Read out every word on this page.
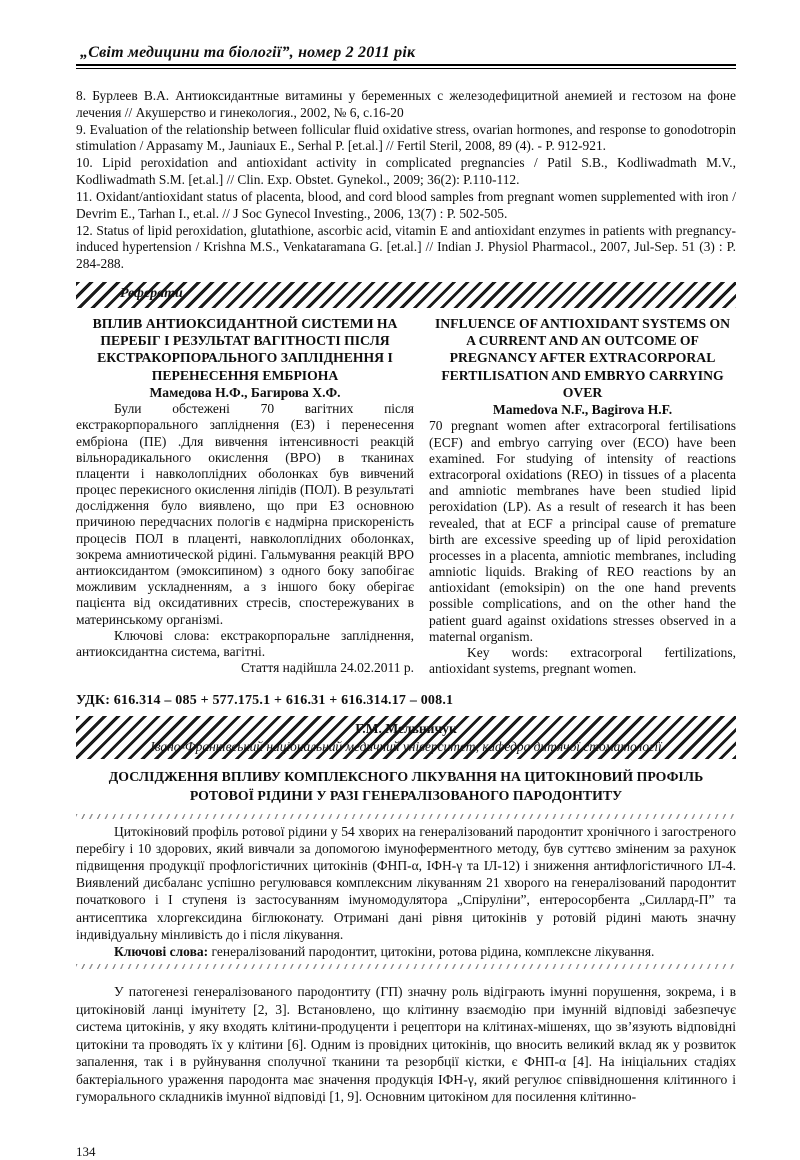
„Світ медицини та біології”, номер 2 2011 рік

8. Бурлеев В.А. Антиоксидантные витамины у беременных с железодефицитной анемией и гестозом на фоне лечения // Акушерство и гинекология., 2002, № 6, с.16-20

9. Evaluation of the relationship between follicular fluid oxidative stress, ovarian hormones, and response to gonodotropin stimulation / Appasamy M., Jauniaux E., Serhal P. [et.al.] // Fertil Steril, 2008, 89 (4). - P. 912-921.

10. Lipid peroxidation and antioxidant activity in complicated pregnancies / Patil S.B., Kodliwadmath M.V., Kodliwadmath S.M. [et.al.] // Clin. Exp. Obstet. Gynekol., 2009; 36(2): P.110-112.

11. Oxidant/antioxidant status of placenta, blood, and cord blood samples from pregnant women supplemented with iron / Devrim E., Tarhan I., et.al. // J Soc Gynecol Investing., 2006, 13(7) : P. 502-505.

12. Status of lipid peroxidation, glutathione, ascorbic acid, vitamin E and antioxidant enzymes in patients with pregnancy-induced hypertension / Krishna M.S., Venkataramana G. [et.al.] // Indian J. Physiol Pharmacol., 2007, Jul-Sep. 51 (3) : P. 284-288.

Реферати
ВПЛИВ АНТИОКСИДАНТНОЙ СИСТЕМИ НА ПЕРЕБІГ І РЕЗУЛЬТАТ ВАГІТНОСТІ ПІСЛЯ ЕКСТРАКОРПОРАЛЬНОГО ЗАПЛІДНЕННЯ І ПЕРЕНЕСЕННЯ ЕМБРІОНА
Мамедова Н.Ф., Багирова Х.Ф.

Були обстежені 70 вагітних після екстракорпорального запліднення (ЕЗ) і перенесення ембріона (ПЕ) .Для вивчення інтенсивності реакцій вільнорадикального окислення (ВРО) в тканинах плаценти і навколоплідних оболонках був вивчений процес перекисного окислення ліпідів (ПОЛ). В результаті дослідження було виявлено, що при ЕЗ основною причиною передчасних пологів є надмірна прискореність процесів ПОЛ в плаценті, навколоплідних оболонках, зокрема амниотической рідині. Гальмування реакцій ВРО антиоксидантом (эмоксипином) з одного боку запобігає можливим ускладненням, а з іншого боку оберігає пацієнта від оксидативних стресів, спостережуваних в материнському організмі.

Ключові слова: екстракорпоральне запліднення, антиоксидантна система, вагітні.

Стаття надійшла 24.02.2011 р.

INFLUENCE OF ANTIOXIDANT SYSTEMS ON A CURRENT AND AN OUTCOME OF PREGNANCY AFTER EXTRACORPORAL FERTILISATION AND EMBRYO CARRYING OVER
Mamedova N.F., Bagirova H.F.

70 pregnant women after extracorporal fertilisations (ECF) and embryo carrying over (ECO) have been examined. For studying of intensity of reactions extracorporal oxidations (REO) in tissues of a placenta and amniotic membranes have been studied lipid peroxidation (LP). As a result of research it has been revealed, that at ECF a principal cause of premature birth are excessive speeding up of lipid peroxidation processes in a placenta, amniotic membranes, including amniotic liquids. Braking of REO reactions by an antioxidant (emoksipin) on the one hand prevents possible complications, and on the other hand the patient guard against oxidations stresses observed in a maternal organism.

Key words: extracorporal fertilizations, antioxidant systems, pregnant women.

УДК: 616.314 – 085 + 577.175.1 + 616.31 + 616.314.17 – 008.1
Г.М. Мельничук
Івано-Франківський національний медичний університет, кафедра дитячої стоматології
ДОСЛІДЖЕННЯ ВПЛИВУ КОМПЛЕКСНОГО ЛІКУВАННЯ НА ЦИТОКІНОВИЙ ПРОФІЛЬ РОТОВОЇ РІДИНИ У РАЗІ ГЕНЕРАЛІЗОВАНОГО ПАРОДОНТИТУ

Цитокіновий профіль ротової рідини у 54 хворих на генералізований пародонтит хронічного і загостреного перебігу і 10 здорових, який вивчали за допомогою імуноферментного методу, був суттєво зміненим за рахунок підвищення продукції профлогістичних цитокінів (ФНП-α, ІФН-γ та ІЛ-12) і зниження антифлогістичного ІЛ-4. Виявлений дисбаланс успішно регулювався комплексним лікуванням 21 хворого на генералізований пародонтит початкового і І ступеня із застосуванням імуномодулятора „Спіруліни”, ентеросорбента „Силлард-П” та антисептика хлоргексидина біглюконату. Отримані дані рівня цитокінів у ротовій рідині мають значну індивідуальну мінливість до і після лікування.

Ключові слова: генералізований пародонтит, цитокіни, ротова рідина, комплексне лікування.

У патогенезі генералізованого пародонтиту (ГП) значну роль відіграють імунні порушення, зокрема, і в цитокіновій ланці імунітету [2, 3]. Встановлено, що клітинну взаємодію при імунній відповіді забезпечує система цитокінів, у яку входять клітини-продуценти і рецептори на клітинах-мішенях, що зв’язують відповідні цитокіни та проводять їх у клітини [6]. Одним із провідних цитокінів, що вносить великий вклад як у розвиток запалення, так і в руйнування сполучної тканини та резорбції кістки, є ФНП-α [4]. На ініціальних стадіях бактеріального ураження пародонта має значення продукція ІФН-γ, який регулює співвідношення клітинного і гуморального складників імунної відповіді [1, 9]. Основним цитокіном для посилення клітинно-

134
